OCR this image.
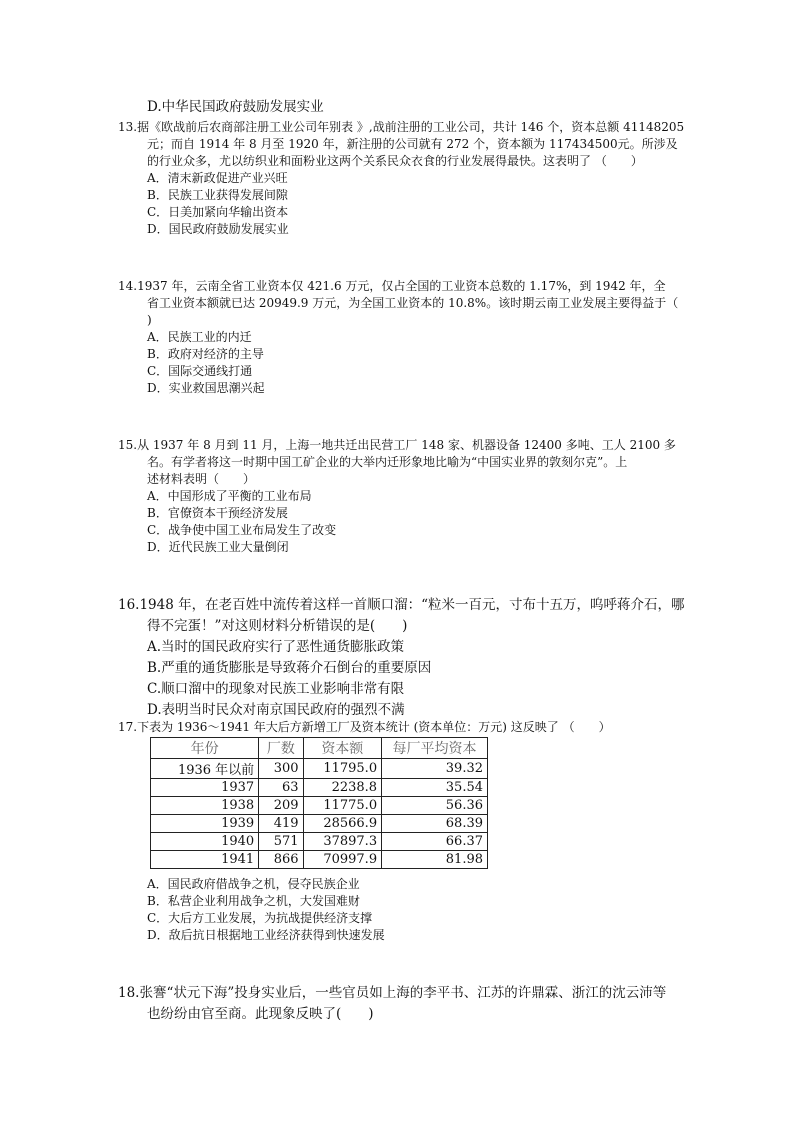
D.中华民国政府鼓励发展实业
13.据《欧战前后农商部注册工业公司年别表 》,战前注册的工业公司，共计 146 个，资本总额 41148205
元；而自 1914 年 8 月至 1920 年，新注册的公司就有 272 个，资本额为 117434500元。所涉及
的行业众多，尤以纺织业和面粉业这两个关系民众衣食的行业发展得最快。这表明了 （　　）
A．清末新政促进产业兴旺
B．民族工业获得发展间隙
C．日美加紧向华输出资本
D．国民政府鼓励发展实业
14.1937 年，云南全省工业资本仅 421.6 万元，仅占全国的工业资本总数的 1.17%，到 1942 年，全
省工业资本额就已达 20949.9 万元，为全国工业资本的 10.8%。该时期云南工业发展主要得益于（
)
A．民族工业的内迁
B．政府对经济的主导
C．国际交通线打通
D．实业救国思潮兴起
15.从 1937 年 8 月到 11 月，上海一地共迁出民营工厂 148 家、机器设备 12400 多吨、工人 2100 多
名。有学者将这一时期中国工矿企业的大举内迁形象地比喻为“中国实业界的敦刻尔克”。上
述材料表明（　　）
A．中国形成了平衡的工业布局
B．官僚资本干预经济发展
C．战争使中国工业布局发生了改变
D．近代民族工业大量倒闭
16.1948 年，在老百姓中流传着这样一首顺口溜：“粒米一百元，寸布十五万，呜呼蒋介石，哪
得不完蛋！”对这则材料分析错误的是(　　)
A.当时的国民政府实行了恶性通货膨胀政策
B.严重的通货膨胀是导致蒋介石倒台的重要原因
C.顺口溜中的现象对民族工业影响非常有限
D.表明当时民众对南京国民政府的强烈不满
17.下表为 1936～1941 年大后方新增工厂及资本统计 (资本单位：万元) 这反映了 （　　）
年份	厂数	资本额	每厂平均资本
1936 年以前	300	11795.0	39.32
1937	63	2238.8	35.54
1938	209	11775.0	56.36
1939	419	28566.9	68.39
1940	571	37897.3	66.37
1941	866	70997.9	81.98
A．国民政府借战争之机，侵夺民族企业
B．私营企业利用战争之机，大发国难财
C．大后方工业发展，为抗战提供经济支撑
D．敌后抗日根据地工业经济获得到快速发展
18.张謇“状元下海”投身实业后，一些官员如上海的李平书、江苏的许鼎霖、浙江的沈云沛等
也纷纷由官至商。此现象反映了(　　)
